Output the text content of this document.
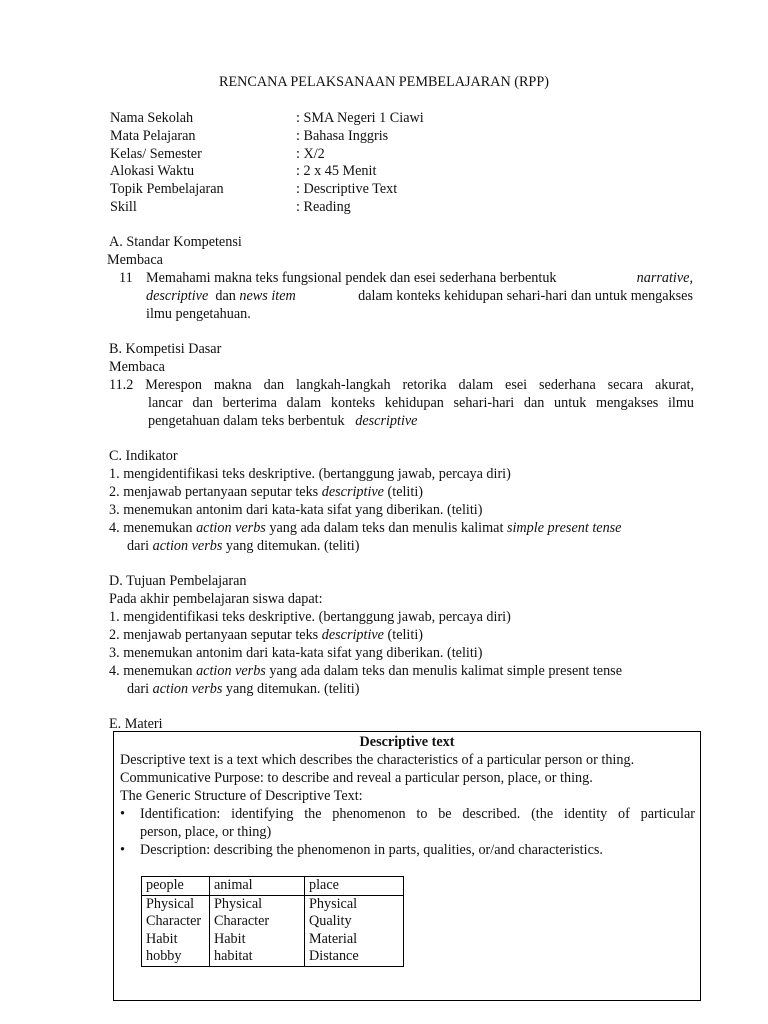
RENCANA PELAKSANAAN PEMBELAJARAN (RPP)
Nama Sekolah	: SMA Negeri 1 Ciawi
Mata Pelajaran	: Bahasa Inggris
Kelas/ Semester	: X/2
Alokasi Waktu	: 2 x 45 Menit
Topik Pembelajaran	: Descriptive Text
Skill	: Reading
A. Standar Kompetensi
Membaca
11 Memahami makna teks fungsional pendek dan esei sederhana berbentuk	narrative,
descriptive dan news item	dalam konteks kehidupan sehari-hari dan untuk mengakses
ilmu pengetahuan.
B. Kompetisi Dasar
Membaca
11.2 Merespon makna dan langkah-langkah retorika dalam esei sederhana secara akurat,
lancar dan berterima dalam konteks kehidupan sehari-hari dan untuk mengakses ilmu
pengetahuan dalam teks berbentuk descriptive
C. Indikator
1. mengidentifikasi teks deskriptive. (bertanggung jawab, percaya diri)
2. menjawab pertanyaan seputar teks descriptive (teliti)
3. menemukan antonim dari kata-kata sifat yang diberikan. (teliti)
4. menemukan action verbs yang ada dalam teks dan menulis kalimat simple present tense
dari action verbs yang ditemukan. (teliti)
D. Tujuan Pembelajaran
Pada akhir pembelajaran siswa dapat:
1. mengidentifikasi teks deskriptive. (bertanggung jawab, percaya diri)
2. menjawab pertanyaan seputar teks descriptive (teliti)
3. menemukan antonim dari kata-kata sifat yang diberikan. (teliti)
4. menemukan action verbs yang ada dalam teks dan menulis kalimat simple present tense
dari action verbs yang ditemukan. (teliti)
E. Materi
Descriptive text
Descriptive text is a text which describes the characteristics of a particular person or thing.
Communicative Purpose: to describe and reveal a particular person, place, or thing.
The Generic Structure of Descriptive Text:
• Identification: identifying the phenomenon to be described. (the identity of particular
person, place, or thing)
• Description: describing the phenomenon in parts, qualities, or/and characteristics.
people	animal	place
Physical	Physical	Physical
Character	Character	Quality
Habit	Habit	Material
hobby	habitat	Distance
